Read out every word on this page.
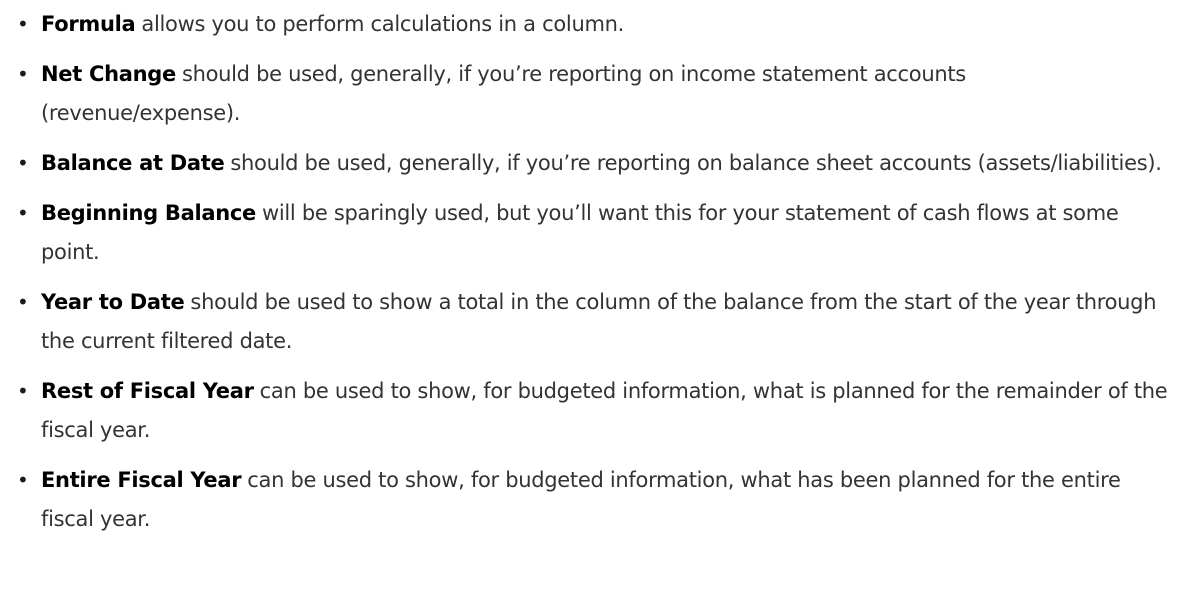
• Formula allows you to perform calculations in a column.
• Net Change should be used, generally, if you’re reporting on income statement accounts (revenue/expense).
• Balance at Date should be used, generally, if you’re reporting on balance sheet accounts (assets/liabilities).
• Beginning Balance will be sparingly used, but you’ll want this for your statement of cash flows at some point.
• Year to Date should be used to show a total in the column of the balance from the start of the year through the current filtered date.
• Rest of Fiscal Year can be used to show, for budgeted information, what is planned for the remainder of the fiscal year.
• Entire Fiscal Year can be used to show, for budgeted information, what has been planned for the entire fiscal year.
